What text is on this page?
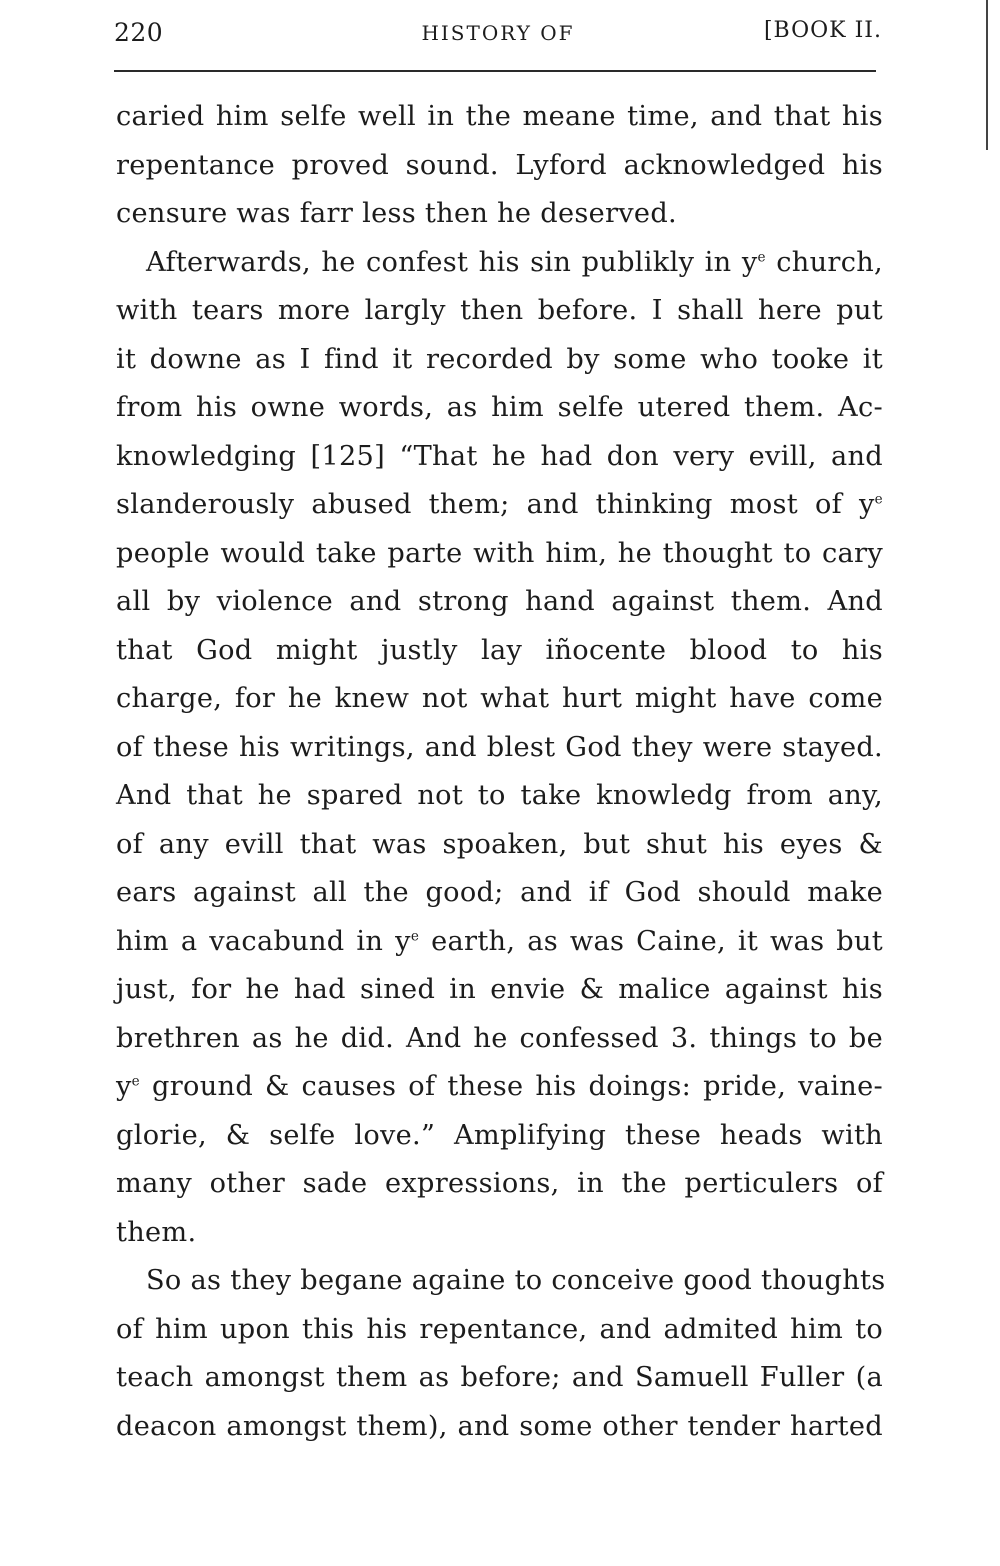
220	HISTORY OF	[BOOK II.
caried him selfe well in the meane time, and that his
repentance proved sound. Lyford acknowledged his
censure was farr less then he deserved.
Afterwards, he confest his sin publikly in $y^e$ church,
with tears more largly then before. I shall here put
it downe as I find it recorded by some who tooke it
from his owne words, as him selfe utered them. Ac-
knowledging [125] “That he had don very evill, and
slanderously abused them; and thinking most of $y^e$
people would take parte with him, he thought to cary
all by violence and strong hand against them. And
that God might justly lay iñocente blood to his
charge, for he knew not what hurt might have come
of these his writings, and blest God they were stayed.
And that he spared not to take knowledg from any,
of any evill that was spoaken, but shut his eyes &
ears against all the good; and if God should make
him a vacabund in $y^e$ earth, as was Caine, it was but
just, for he had sined in envie & malice against his
brethren as he did. And he confessed 3. things to be
$y^e$ ground & causes of these his doings: pride, vaine-
glorie, & selfe love.” Amplifying these heads with
many other sade expressions, in the perticulers of
them.
So as they begane againe to conceive good thoughts
of him upon this his repentance, and admited him to
teach amongst them as before; and Samuell Fuller (a
deacon amongst them), and some other tender harted
